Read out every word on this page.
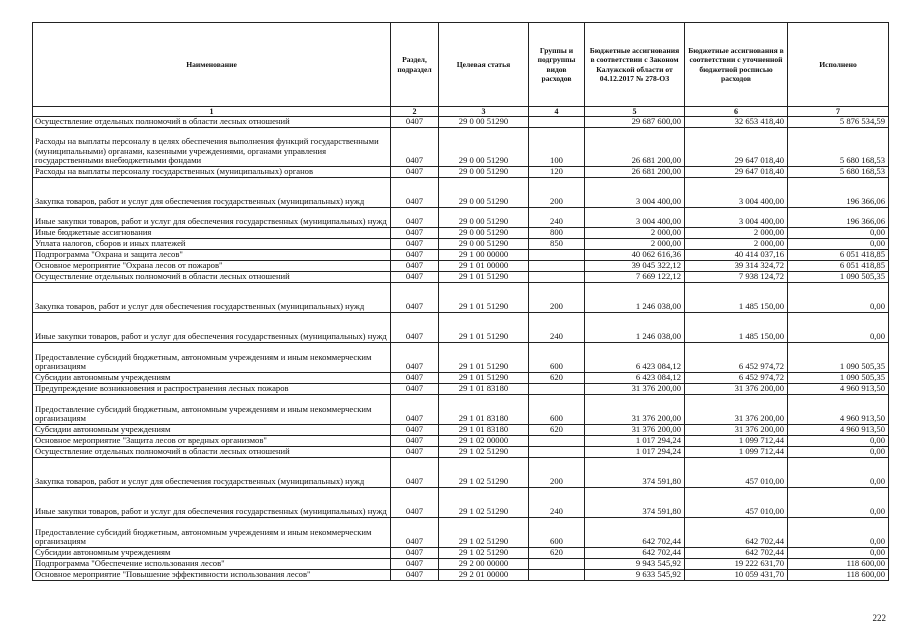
Наименование	Раздел, подраздел	Целевая статья	Группы и подгруппы видов расходов	Бюджетные ассигнования в соответствии с Законом Калужской области от 04.12.2017 № 278-ОЗ	Бюджетные ассигнования в соответствии с уточненной бюджетной росписью расходов	Исполнено
1	2	3	4	5	6	7
Осуществление отдельных полномочий в области лесных отношений	0407	29 0 00 51290		29 687 600,00	32 653 418,40	5 876 534,59
Расходы на выплаты персоналу в целях обеспечения выполнения функций государственными (муниципальными) органами, казенными учреждениями, органами управления государственными внебюджетными фондами	0407	29 0 00 51290	100	26 681 200,00	29 647 018,40	5 680 168,53
Расходы на выплаты персоналу государственных (муниципальных) органов	0407	29 0 00 51290	120	26 681 200,00	29 647 018,40	5 680 168,53
Закупка товаров, работ и услуг для обеспечения государственных (муниципальных) нужд	0407	29 0 00 51290	200	3 004 400,00	3 004 400,00	196 366,06
Иные закупки товаров, работ и услуг для обеспечения государственных (муниципальных) нужд	0407	29 0 00 51290	240	3 004 400,00	3 004 400,00	196 366,06
Иные бюджетные ассигнования	0407	29 0 00 51290	800	2 000,00	2 000,00	0,00
Уплата налогов, сборов и иных платежей	0407	29 0 00 51290	850	2 000,00	2 000,00	0,00
Подпрограмма "Охрана и защита лесов"	0407	29 1 00 00000		40 062 616,36	40 414 037,16	6 051 418,85
Основное мероприятие "Охрана лесов от пожаров"	0407	29 1 01 00000		39 045 322,12	39 314 324,72	6 051 418,85
Осуществление отдельных полномочий в области лесных отношений	0407	29 1 01 51290		7 669 122,12	7 938 124,72	1 090 505,35
Закупка товаров, работ и услуг для обеспечения государственных (муниципальных) нужд	0407	29 1 01 51290	200	1 246 038,00	1 485 150,00	0,00
Иные закупки товаров, работ и услуг для обеспечения государственных (муниципальных) нужд	0407	29 1 01 51290	240	1 246 038,00	1 485 150,00	0,00
Предоставление субсидий бюджетным, автономным учреждениям и иным некоммерческим организациям	0407	29 1 01 51290	600	6 423 084,12	6 452 974,72	1 090 505,35
Субсидии автономным учреждениям	0407	29 1 01 51290	620	6 423 084,12	6 452 974,72	1 090 505,35
Предупреждение возникновения и распространения лесных пожаров	0407	29 1 01 83180		31 376 200,00	31 376 200,00	4 960 913,50
Предоставление субсидий бюджетным, автономным учреждениям и иным некоммерческим организациям	0407	29 1 01 83180	600	31 376 200,00	31 376 200,00	4 960 913,50
Субсидии автономным учреждениям	0407	29 1 01 83180	620	31 376 200,00	31 376 200,00	4 960 913,50
Основное мероприятие "Защита лесов от вредных организмов"	0407	29 1 02 00000		1 017 294,24	1 099 712,44	0,00
Осуществление отдельных полномочий в области лесных отношений	0407	29 1 02 51290		1 017 294,24	1 099 712,44	0,00
Закупка товаров, работ и услуг для обеспечения государственных (муниципальных) нужд	0407	29 1 02 51290	200	374 591,80	457 010,00	0,00
Иные закупки товаров, работ и услуг для обеспечения государственных (муниципальных) нужд	0407	29 1 02 51290	240	374 591,80	457 010,00	0,00
Предоставление субсидий бюджетным, автономным учреждениям и иным некоммерческим организациям	0407	29 1 02 51290	600	642 702,44	642 702,44	0,00
Субсидии автономным учреждениям	0407	29 1 02 51290	620	642 702,44	642 702,44	0,00
Подпрограмма "Обеспечение использования лесов"	0407	29 2 00 00000		9 943 545,92	19 222 631,70	118 600,00
Основное мероприятие "Повышение эффективности использования лесов"	0407	29 2 01 00000		9 633 545,92	10 059 431,70	118 600,00
222
